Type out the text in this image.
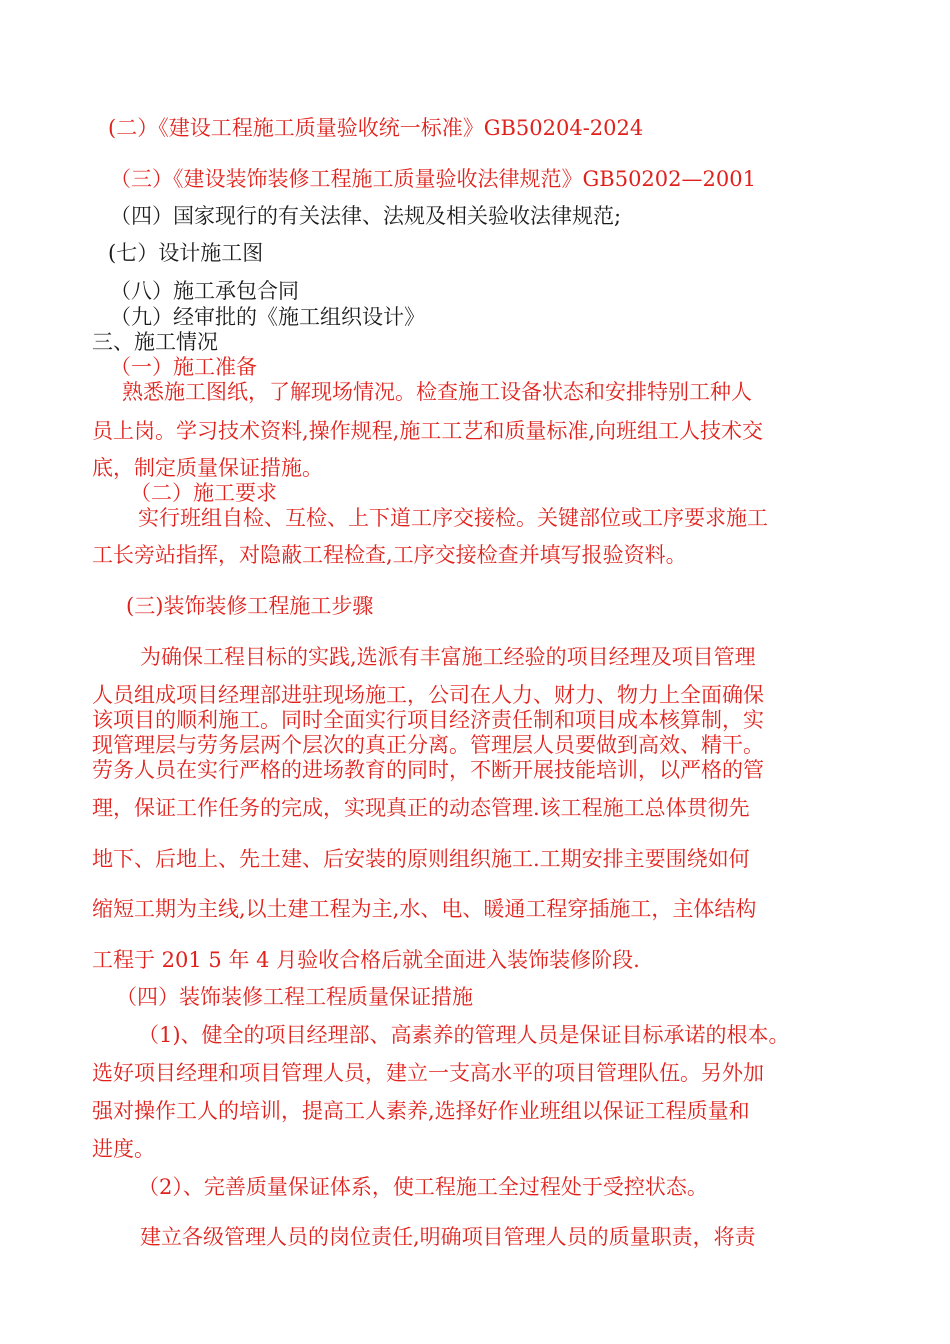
(二）《建设工程施工质量验收统一标准》GB50204-2024

（三）《建设装饰装修工程施工质量验收法律规范》GB50202—2001

（四）国家现行的有关法律、法规及相关验收法律规范;

(七）设计施工图

（八）施工承包合同

（九）经审批的《施工组织设计》

三、施工情况

（一）施工准备

熟悉施工图纸，了解现场情况。检查施工设备状态和安排特别工种人

员上岗。学习技术资料,操作规程,施工工艺和质量标准,向班组工人技术交

底，制定质量保证措施。

（二）施工要求

实行班组自检、互检、上下道工序交接检。关键部位或工序要求施工

工长旁站指挥，对隐蔽工程检查,工序交接检查并填写报验资料。

(三)装饰装修工程施工步骤

为确保工程目标的实践,选派有丰富施工经验的项目经理及项目管理

人员组成项目经理部进驻现场施工，公司在人力、财力、物力上全面确保

该项目的顺利施工。同时全面实行项目经济责任制和项目成本核算制，实

现管理层与劳务层两个层次的真正分离。管理层人员要做到高效、精干。

劳务人员在实行严格的进场教育的同时，不断开展技能培训，以严格的管

理，保证工作任务的完成，实现真正的动态管理.该工程施工总体贯彻先

地下、后地上、先土建、后安装的原则组织施工.工期安排主要围绕如何

缩短工期为主线,以土建工程为主,水、电、暖通工程穿插施工，主体结构

工程于 201 5 年 4 月验收合格后就全面进入装饰装修阶段.

（四）装饰装修工程工程质量保证措施

（1)、健全的项目经理部、高素养的管理人员是保证目标承诺的根本。

选好项目经理和项目管理人员，建立一支高水平的项目管理队伍。另外加

强对操作工人的培训，提高工人素养,选择好作业班组以保证工程质量和

进度。

（2）、完善质量保证体系，使工程施工全过程处于受控状态。

建立各级管理人员的岗位责任,明确项目管理人员的质量职责，将责
